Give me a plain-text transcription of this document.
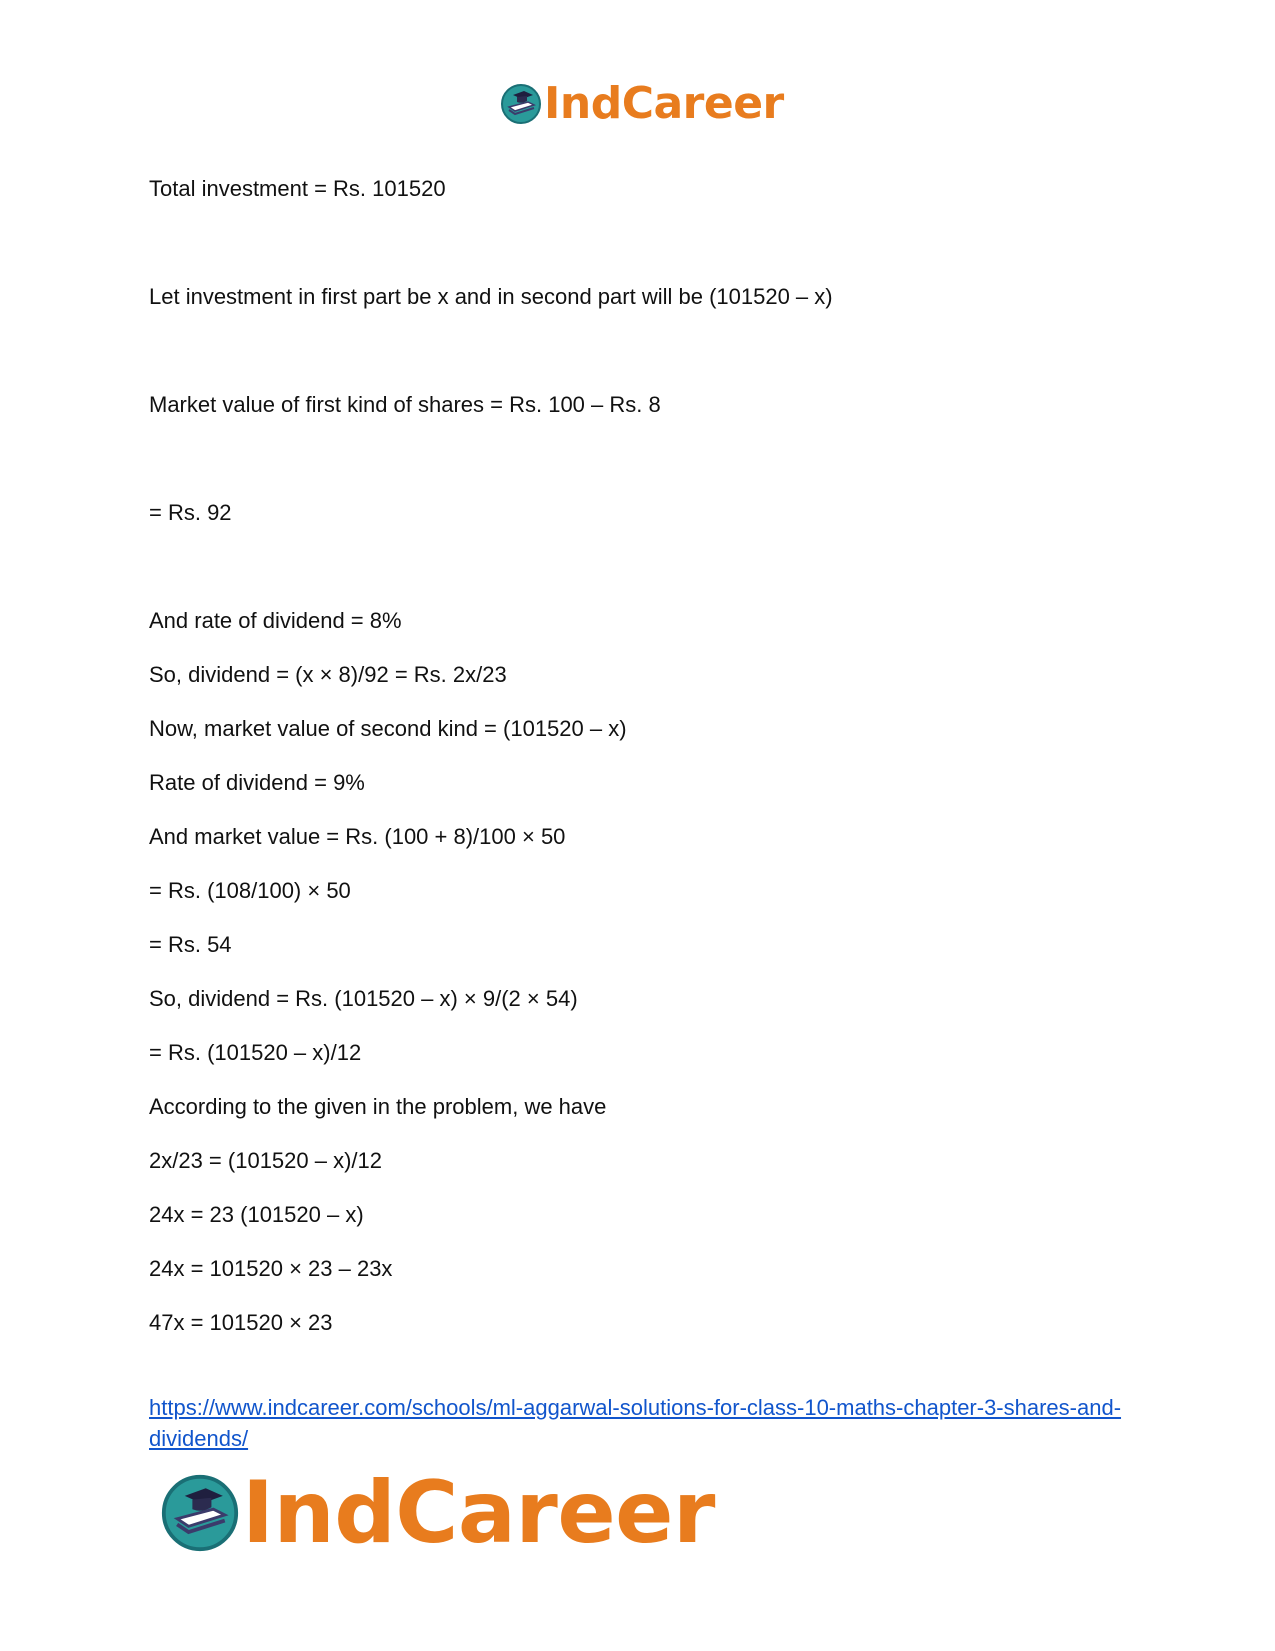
IndCareer
Total investment = Rs. 101520
Let investment in first part be x and in second part will be (101520 – x)
Market value of first kind of shares = Rs. 100 – Rs. 8
= Rs. 92
And rate of dividend = 8%
So, dividend = (x × 8)/92 = Rs. 2x/23
Now, market value of second kind = (101520 – x)
Rate of dividend = 9%
And market value = Rs. (100 + 8)/100 × 50
= Rs. (108/100) × 50
= Rs. 54
So, dividend = Rs. (101520 – x) × 9/(2 × 54)
= Rs. (101520 – x)/12
According to the given in the problem, we have
2x/23 = (101520 – x)/12
24x = 23 (101520 – x)
24x = 101520 × 23 – 23x
47x = 101520 × 23
https://www.indcareer.com/schools/ml-aggarwal-solutions-for-class-10-maths-chapter-3-shares-and-dividends/
IndCareer
